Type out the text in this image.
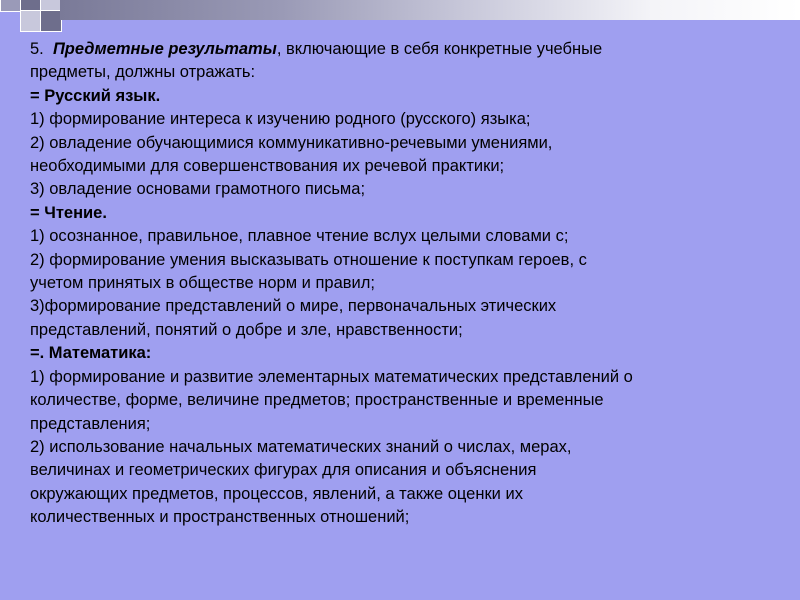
5. Предметные результаты, включающие в себя конкретные учебные
предметы, должны отражать:
= Русский язык.
1) формирование интереса к изучению родного (русского) языка;
2) овладение обучающимися коммуникативно-речевыми умениями,
необходимыми для совершенствования их речевой практики;
3) овладение основами грамотного письма;
= Чтение.
1) осознанное, правильное, плавное чтение вслух целыми словами с;
2) формирование умения высказывать отношение к поступкам героев, с
учетом принятых в обществе норм и правил;
3)формирование представлений о мире, первоначальных этических
представлений, понятий о добре и зле, нравственности;
=. Математика:
1) формирование и развитие элементарных математических представлений о
количестве, форме, величине предметов; пространственные и временные
представления;
2) использование начальных математических знаний о числах, мерах,
величинах и геометрических фигурах для описания и объяснения
окружающих предметов, процессов, явлений, а также оценки их
количественных и пространственных отношений;
